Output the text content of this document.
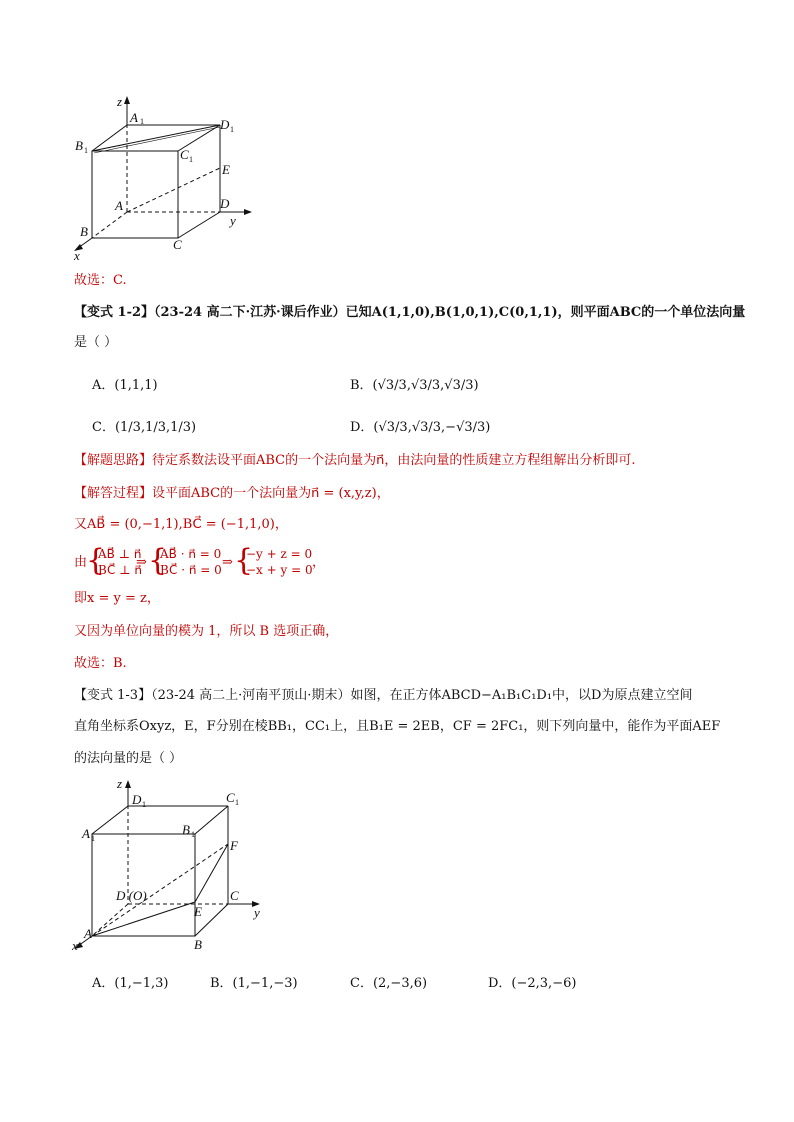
z
A 1
B 1	C 1
D 1
E
A	D
y
B
C
x
故选：C.
【变式 1-2】（23-24 高二下·江苏·课后作业）已知A(1,1,0),B(1,0,1),C(0,1,1)，则平面ABC的一个单位法向量
是（ ）
A．(1,1,1)	B．(√3/3,√3/3,√3/3)
C．(1/3,1/3,1/3)	D．(√3/3,√3/3,−√3/3)
【解题思路】待定系数法设平面ABC的一个法向量为n⃗，由法向量的性质建立方程组解出分析即可.
【解答过程】设平面ABC的一个法向量为n⃗ = (x,y,z)，
又AB⃗ = (0,−1,1),BC⃗ = (−1,1,0)，
由
{
AB⃗ ⊥ n⃗
BC⃗ ⊥ n⃗
⇒ {
AB⃗ · n⃗ = 0
BC⃗ · n⃗ = 0 ⇒ {
−y + z = 0
−x + y = 0 ，
即x = y = z，
又因为单位向量的模为 1，所以 B 选项正确，
故选：B.
【变式 1-3】（23-24 高二上·河南平顶山·期末）如图，在正方体ABCD−A₁B₁C₁D₁中，以D为原点建立空间
直角坐标系Oxyz，E，F分别在棱BB₁，CC₁上，且B₁E = 2EB，CF = 2FC₁，则下列向量中，能作为平面AEF
的法向量的是（ ）
z
D 1	C 1
A 1
B 1
F
D (O)	C
y
E
A
B
x
A．(1,−1,3)	B．(1,−1,−3)	C．(2,−3,6)	D．(−2,3,−6)
